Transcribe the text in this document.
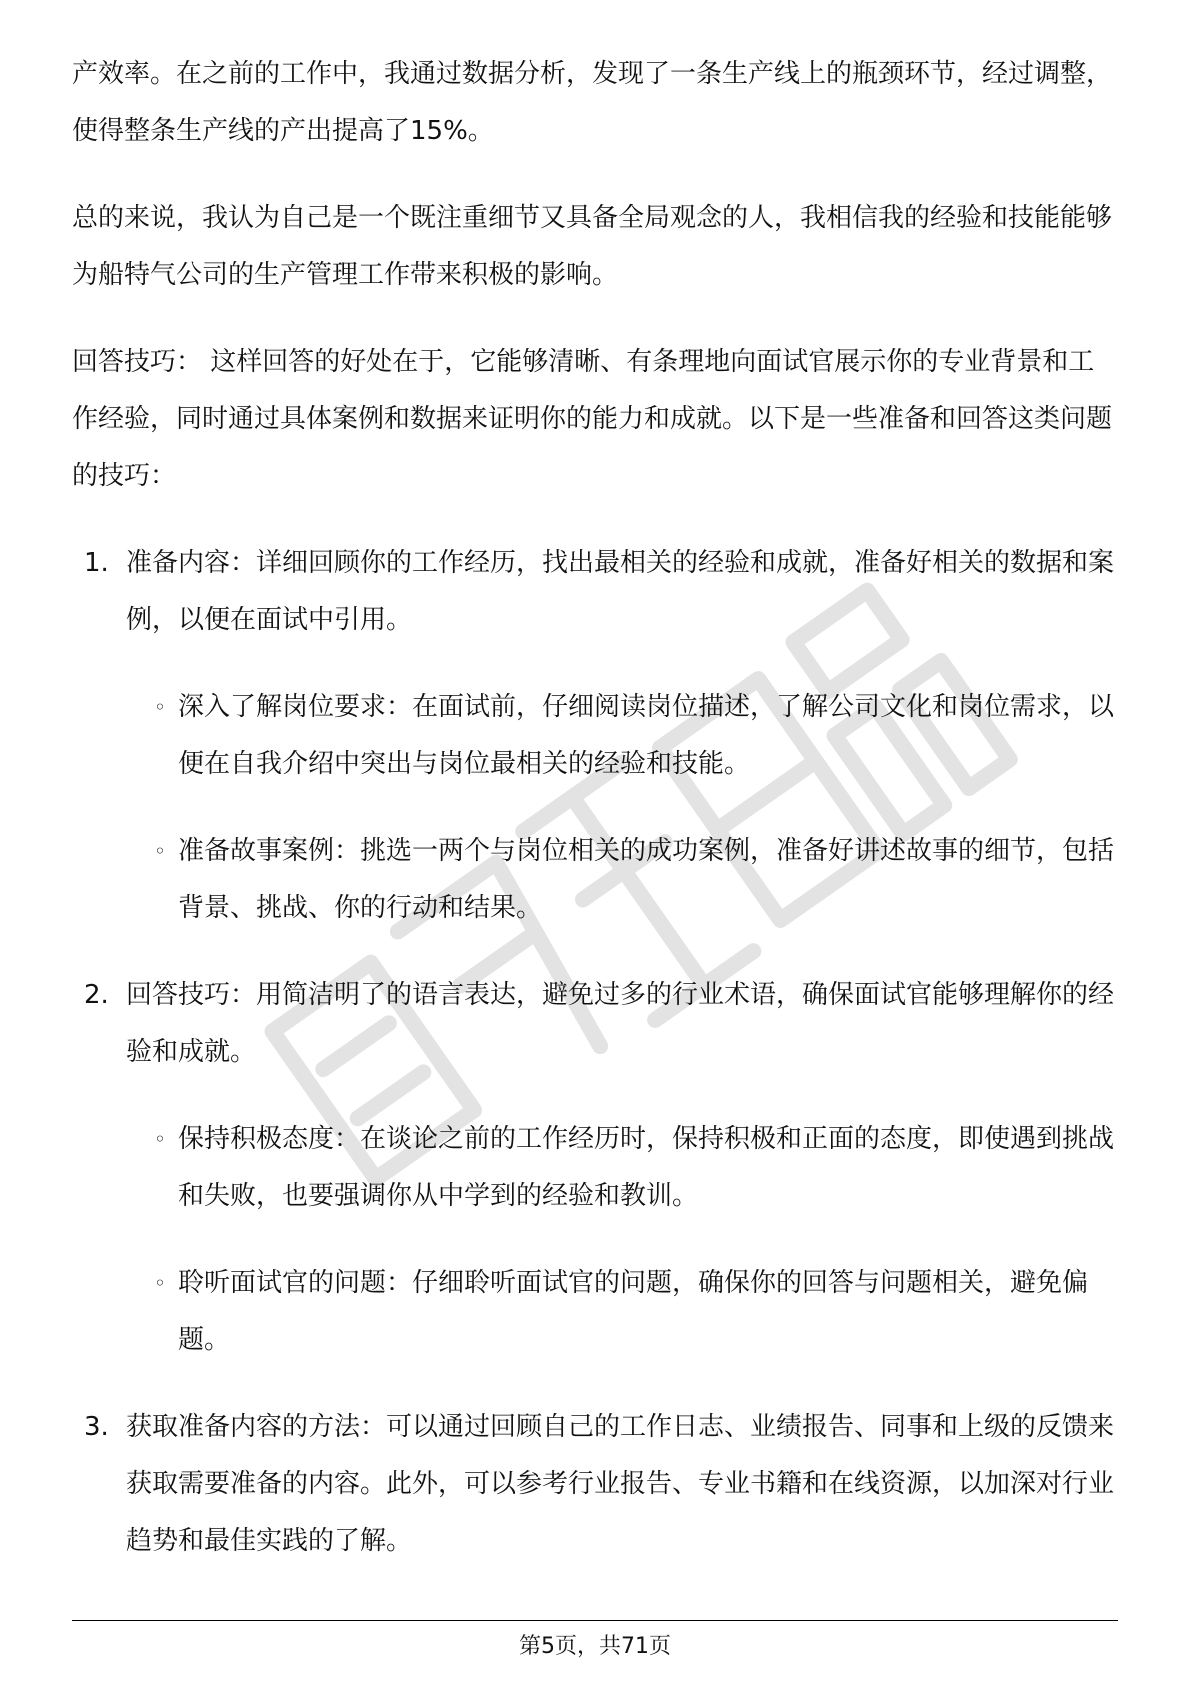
产效率。在之前的工作中，我通过数据分析，发现了一条生产线上的瓶颈环节，经过调整，使得整条生产线的产出提高了15%。

总的来说，我认为自己是一个既注重细节又具备全局观念的人，我相信我的经验和技能能够为船特气公司的生产管理工作带来积极的影响。

回答技巧： 这样回答的好处在于，它能够清晰、有条理地向面试官展示你的专业背景和工作经验，同时通过具体案例和数据来证明你的能力和成就。以下是一些准备和回答这类问题的技巧：

1. 准备内容：详细回顾你的工作经历，找出最相关的经验和成就，准备好相关的数据和案例，以便在面试中引用。
◦ 深入了解岗位要求：在面试前，仔细阅读岗位描述，了解公司文化和岗位需求，以便在自我介绍中突出与岗位最相关的经验和技能。
◦ 准备故事案例：挑选一两个与岗位相关的成功案例，准备好讲述故事的细节，包括背景、挑战、你的行动和结果。
2. 回答技巧：用简洁明了的语言表达，避免过多的行业术语，确保面试官能够理解你的经验和成就。
◦ 保持积极态度：在谈论之前的工作经历时，保持积极和正面的态度，即使遇到挑战和失败，也要强调你从中学到的经验和教训。
◦ 聆听面试官的问题：仔细聆听面试官的问题，确保你的回答与问题相关，避免偏题。
3. 获取准备内容的方法：可以通过回顾自己的工作日志、业绩报告、同事和上级的反馈来获取需要准备的内容。此外，可以参考行业报告、专业书籍和在线资源，以加深对行业趋势和最佳实践的了解。
第5页，共71页
